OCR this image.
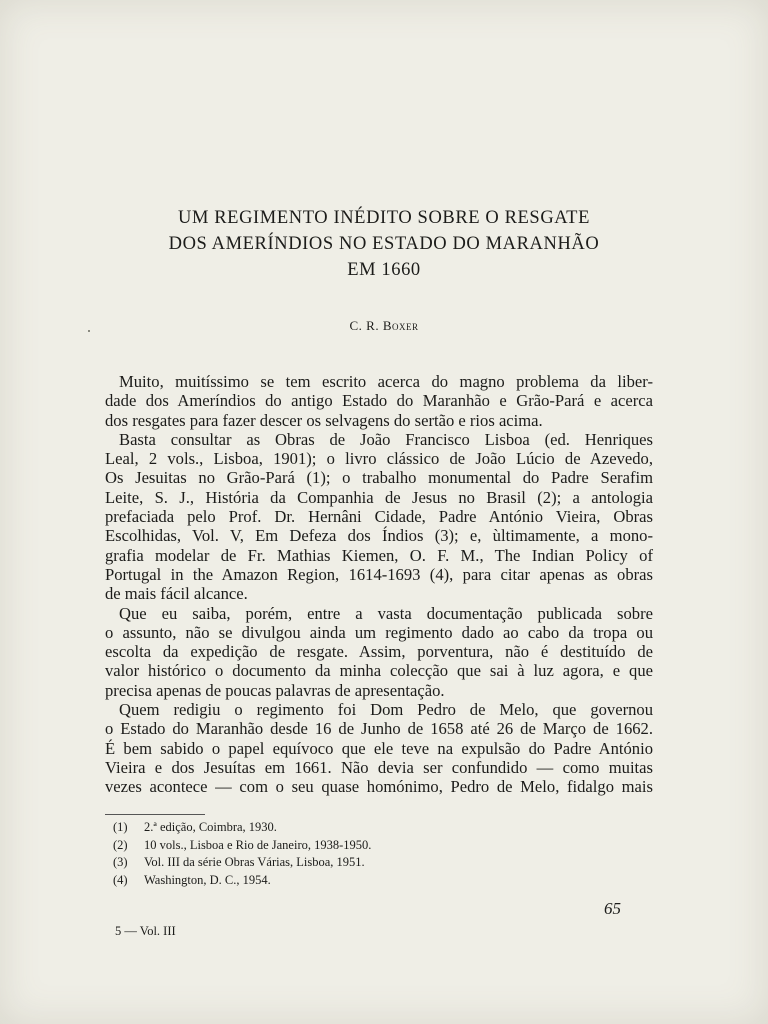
UM REGIMENTO INÉDITO SOBRE O RESGATE
DOS AMERÍNDIOS NO ESTADO DO MARANHÃO
EM 1660
C. R. Boxer
Muito, muitíssimo se tem escrito acerca do magno problema da liber-
dade dos Ameríndios do antigo Estado do Maranhão e Grão-Pará e acerca
dos resgates para fazer descer os selvagens do sertão e rios acima.
Basta consultar as Obras de João Francisco Lisboa (ed. Henriques
Leal, 2 vols., Lisboa, 1901); o livro clássico de João Lúcio de Azevedo,
Os Jesuitas no Grão-Pará (1); o trabalho monumental do Padre Serafim
Leite, S. J., História da Companhia de Jesus no Brasil (2); a antologia
prefaciada pelo Prof. Dr. Hernâni Cidade, Padre António Vieira, Obras
Escolhidas, Vol. V, Em Defeza dos Índios (3); e, ùltimamente, a mono-
grafia modelar de Fr. Mathias Kiemen, O. F. M., The Indian Policy of
Portugal in the Amazon Region, 1614-1693 (4), para citar apenas as obras
de mais fácil alcance.
Que eu saiba, porém, entre a vasta documentação publicada sobre
o assunto, não se divulgou ainda um regimento dado ao cabo da tropa ou
escolta da expedição de resgate. Assim, porventura, não é destituído de
valor histórico o documento da minha colecção que sai à luz agora, e que
precisa apenas de poucas palavras de apresentação.
Quem redigiu o regimento foi Dom Pedro de Melo, que governou
o Estado do Maranhão desde 16 de Junho de 1658 até 26 de Março de 1662.
É bem sabido o papel equívoco que ele teve na expulsão do Padre António
Vieira e dos Jesuítas em 1661. Não devia ser confundido — como muitas
vezes acontece — com o seu quase homónimo, Pedro de Melo, fidalgo mais
(1)	2.ª edição, Coimbra, 1930.
(2)	10 vols., Lisboa e Rio de Janeiro, 1938-1950.
(3)	Vol. III da série Obras Várias, Lisboa, 1951.
(4)	Washington, D. C., 1954.
65
5 — Vol. III
